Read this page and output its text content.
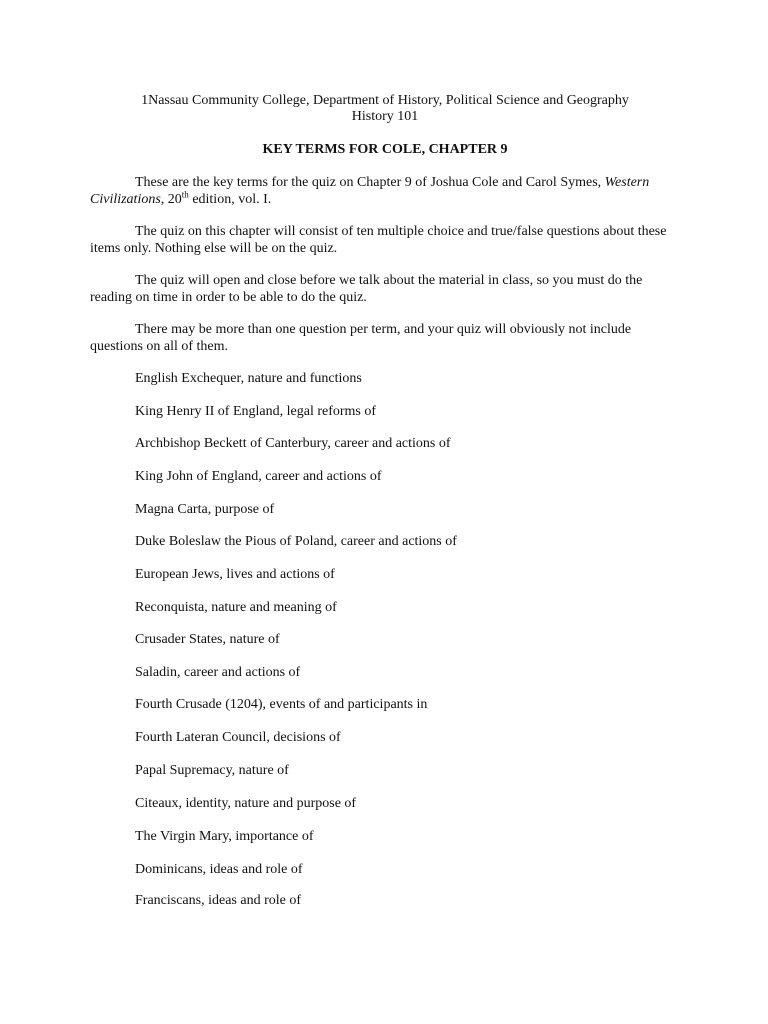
1Nassau Community College, Department of History, Political Science and Geography
History 101
KEY TERMS FOR COLE, CHAPTER 9

These are the key terms for the quiz on Chapter 9 of Joshua Cole and Carol Symes, Western Civilizations, 20th edition, vol. I.

The quiz on this chapter will consist of ten multiple choice and true/false questions about these items only. Nothing else will be on the quiz.

The quiz will open and close before we talk about the material in class, so you must do the reading on time in order to be able to do the quiz.

There may be more than one question per term, and your quiz will obviously not include questions on all of them.

English Exchequer, nature and functions
King Henry II of England, legal reforms of
Archbishop Beckett of Canterbury, career and actions of
King John of England, career and actions of
Magna Carta, purpose of
Duke Boleslaw the Pious of Poland, career and actions of
European Jews, lives and actions of
Reconquista, nature and meaning of
Crusader States, nature of
Saladin, career and actions of
Fourth Crusade (1204), events of and participants in
Fourth Lateran Council, decisions of
Papal Supremacy, nature of
Citeaux, identity, nature and purpose of
The Virgin Mary, importance of
Dominicans, ideas and role of
Franciscans, ideas and role of
